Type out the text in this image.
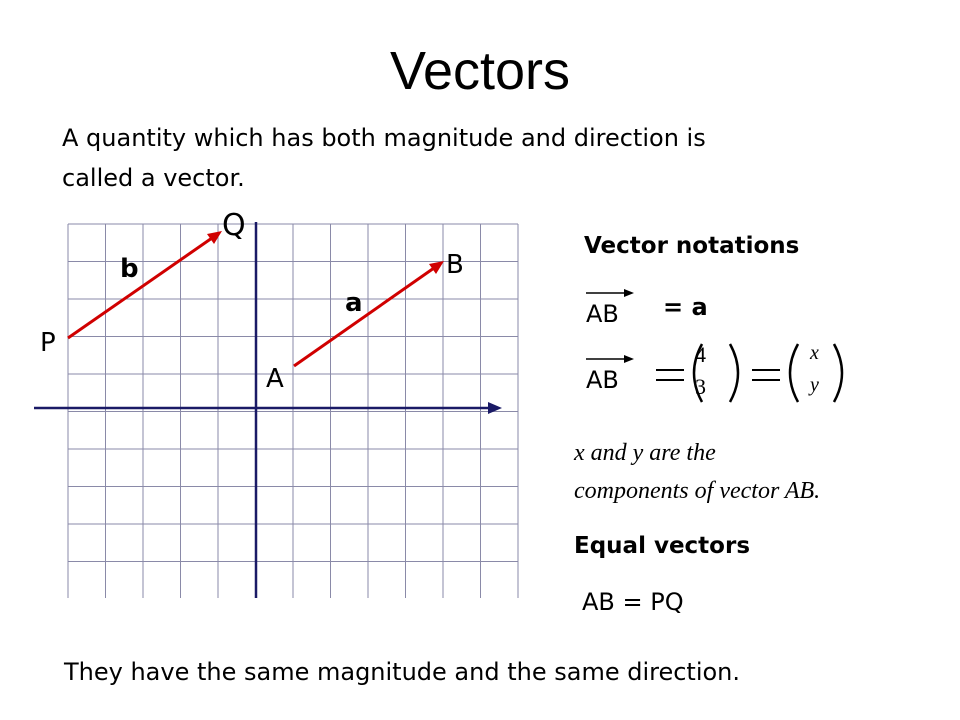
Vectors
A quantity which has both magnitude and direction is
called a vector.
P
Q
A
B
b
a
Vector notations
AB = a
AB
4
3
x
y
x and y are the
components of vector AB.
Equal vectors
AB = PQ
They have the same magnitude and the same direction.
